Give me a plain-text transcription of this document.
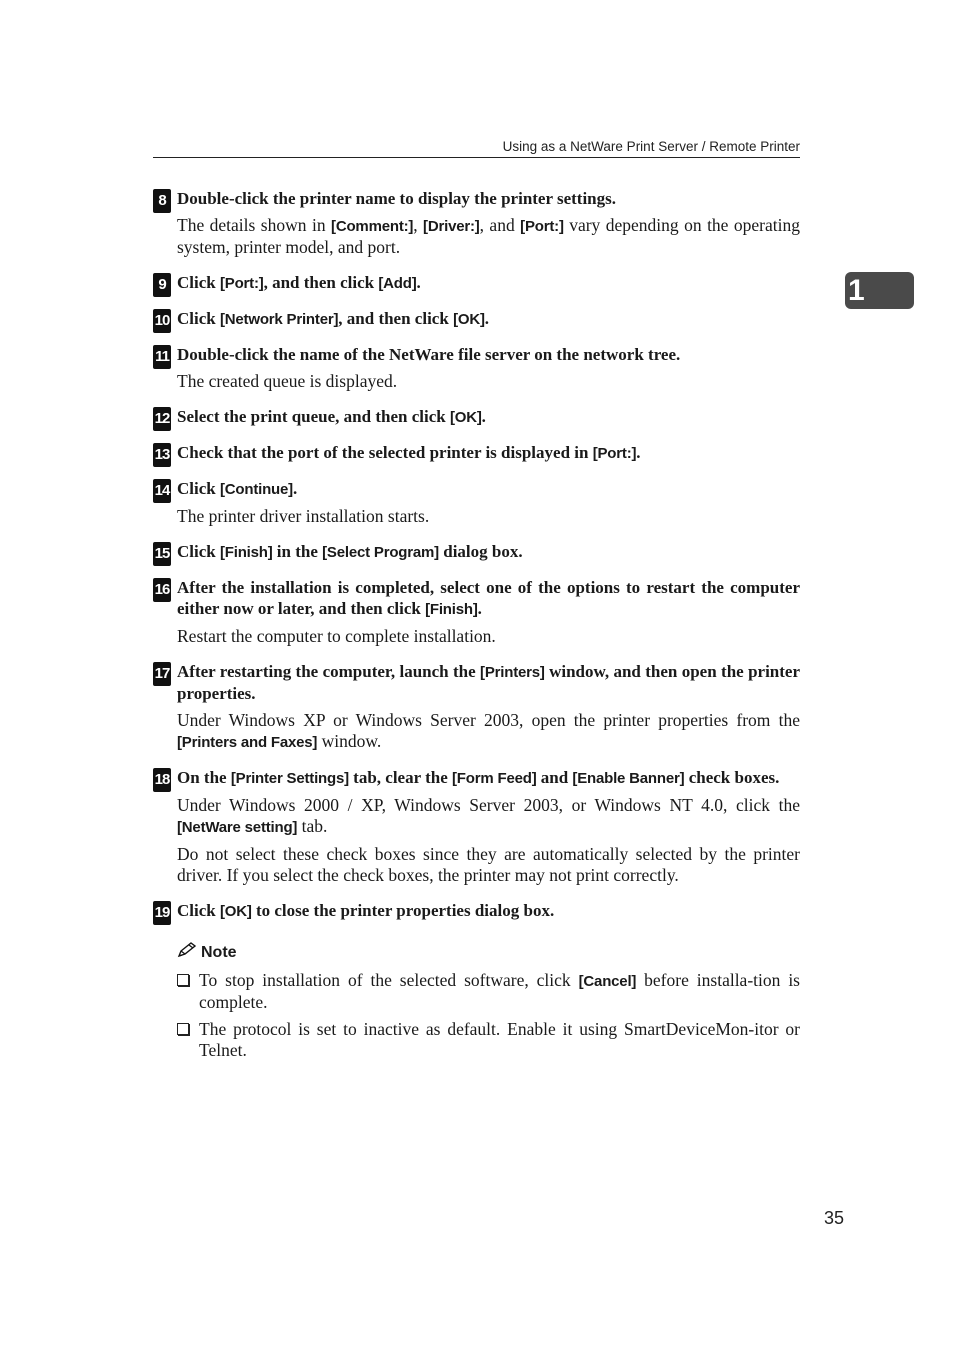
Using as a NetWare Print Server / Remote Printer
1
8 Double-click the printer name to display the printer settings.

The details shown in [Comment:], [Driver:], and [Port:] vary depending on the operating system, printer model, and port.

9 Click [Port:], and then click [Add].

10 Click [Network Printer], and then click [OK].

11 Double-click the name of the NetWare file server on the network tree.

The created queue is displayed.

12 Select the print queue, and then click [OK].

13 Check that the port of the selected printer is displayed in [Port:].

14 Click [Continue].

The printer driver installation starts.

15 Click [Finish] in the [Select Program] dialog box.

16 After the installation is completed, select one of the options to restart the computer either now or later, and then click [Finish].

Restart the computer to complete installation.

17 After restarting the computer, launch the [Printers] window, and then open the printer properties.

Under Windows XP or Windows Server 2003, open the printer properties from the [Printers and Faxes] window.

18 On the [Printer Settings] tab, clear the [Form Feed] and [Enable Banner] check boxes.

Under Windows 2000 / XP, Windows Server 2003, or Windows NT 4.0, click the [NetWare setting] tab.

Do not select these check boxes since they are automatically selected by the printer driver. If you select the check boxes, the printer may not print correctly.

19 Click [OK] to close the printer properties dialog box.

Note
To stop installation of the selected software, click [Cancel] before installa-tion is complete.
The protocol is set to inactive as default. Enable it using SmartDeviceMon-itor or Telnet.
35
